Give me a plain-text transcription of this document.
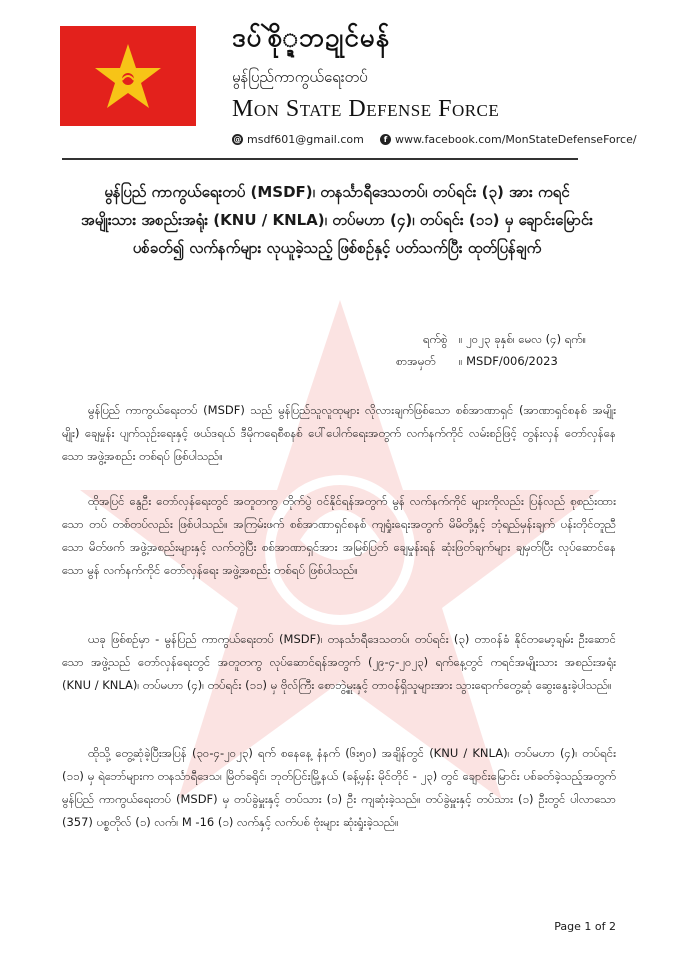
ဒပ်စိုဲ္ဍဘဍုင်မန်
မွန်ပြည်ကာကွယ်ရေးတပ်
Mon State Defense Force
@ msdf601@gmail.com	f www.facebook.com/MonStateDefenseForce/
မွန်ပြည် ကာကွယ်ရေးတပ် (MSDF)၊ တနင်္သာရီဒေသတပ်၊ တပ်ရင်း (၃) အား ကရင်အမျိုးသား အစည်းအရုံး (KNU / KNLA)၊ တပ်မဟာ (၄)၊ တပ်ရင်း (၁၁) မှ ချောင်းမြောင်း ပစ်ခတ်၍ လက်နက်များ လုယူခဲ့သည့် ဖြစ်စဥ်နှင့် ပတ်သက်ပြီး ထုတ်ပြန်ချက်
ရက်စွဲ ။ ၂၀၂၃ ခုနှစ်၊ မေလ (၄) ရက်။
စာအမှတ် ။ MSDF/006/2023
မွန်ပြည် ကာကွယ်ရေးတပ် (MSDF) သည် မွန်ပြည်သူလူထုများ လိုလားချက်ဖြစ်သော စစ်အာဏာရှင် (အာဏာရှင်စနစ် အမျိုးမျိုး) ချေမှုန်း ပျက်သုဉ်းရေးနှင့် ဖယ်ဒရယ် ဒီမိုကရေစီစနစ် ပေါ်ပေါက်ရေးအတွက် လက်နက်ကိုင် လမ်းစဥ်ဖြင့် တွန်းလှန် တော်လှန်နေသော အဖွဲ့အစည်း တစ်ရပ် ဖြစ်ပါသည်။
ထိုအပြင် နွေဦး တော်လှန်ရေးတွင် အတူတကွ တိုက်ပွဲ ဝင်နိုင်ရန်အတွက် မွန် လက်နက်ကိုင် များကိုလည်း ပြန်လည် စုစည်းထားသော တပ် တစ်တပ်လည်း ဖြစ်ပါသည်။ အကြမ်းဖက် စစ်အာဏာရှင်စနစ် ကျရှုံးရေးအတွက် မိမိတို့နှင့် ဘုံရည်မှန်းချက် ပန်းတိုင်တူညီသော မိတ်ဖက် အဖွဲ့အစည်းများနှင့် လက်တွဲပြီး စစ်အာဏာရှင်အား အမြစ်ပြတ် ချေမှုန်းရန် ဆုံးဖြတ်ချက်များ ချမှတ်ပြီး လုပ်ဆောင်နေသော မွန် လက်နက်ကိုင် တော်လှန်ရေး အဖွဲ့အစည်း တစ်ရပ် ဖြစ်ပါသည်။
ယခု ဖြစ်စဥ်မှာ - မွန်ပြည် ကာကွယ်ရေးတပ် (MSDF)၊ တနင်္သာရီဒေသတပ်၊ တပ်ရင်း (၃) တာဝန်ခံ နိုင်တမော့ချမ်း ဦးဆောင်သော အဖွဲ့သည် တော်လှန်ရေးတွင် အတူတကွ လုပ်ဆောင်ရန်အတွက် (၂၉-၄-၂၀၂၃) ရက်နေ့တွင် ကရင်အမျိုးသား အစည်းအရုံး (KNU / KNLA)၊ တပ်မဟာ (၄)၊ တပ်ရင်း (၁၁) မှ ဗိုလ်ကြီး စောဘွဲ့မှူးနှင့် တာဝန်ရှိသူများအား သွားရောက်တွေ့ဆုံ ဆွေးနွေးခဲ့ပါသည်။
ထိုသို့ တွေ့ဆုံခဲ့ပြီးအပြန် (၃၀-၄-၂၀၂၃) ရက် စနေနေ့ နံနက် (၆း၅၀) အချိန်တွင် (KNU / KNLA)၊ တပ်မဟာ (၄)၊ တပ်ရင်း (၁၁) မှ ရဲဘော်များက တနင်္သာရီဒေသ၊ မြိတ်ခရိုင်၊ ဘုတ်ပြင်းမြို့နယ် (ခန့်မှန်း မိုင်တိုင် - ၂၃) တွင် ချောင်းမြောင်း ပစ်ခတ်ခဲ့သည့်အတွက် မွန်ပြည် ကာကွယ်ရေးတပ် (MSDF) မှ တပ်ခွဲမှူးနှင့် တပ်သား (၁) ဦး ကျဆုံးခဲ့သည်။ တပ်ခွဲမှူးနှင့် တပ်သား (၁) ဦးတွင် ပါလာသော (357) ပစ္စတိုလ် (၁) လက်၊ M -16 (၁) လက်နှင့် လက်ပစ် ဗုံးများ ဆုံးရှုံးခဲ့သည်။
Page 1 of 2
